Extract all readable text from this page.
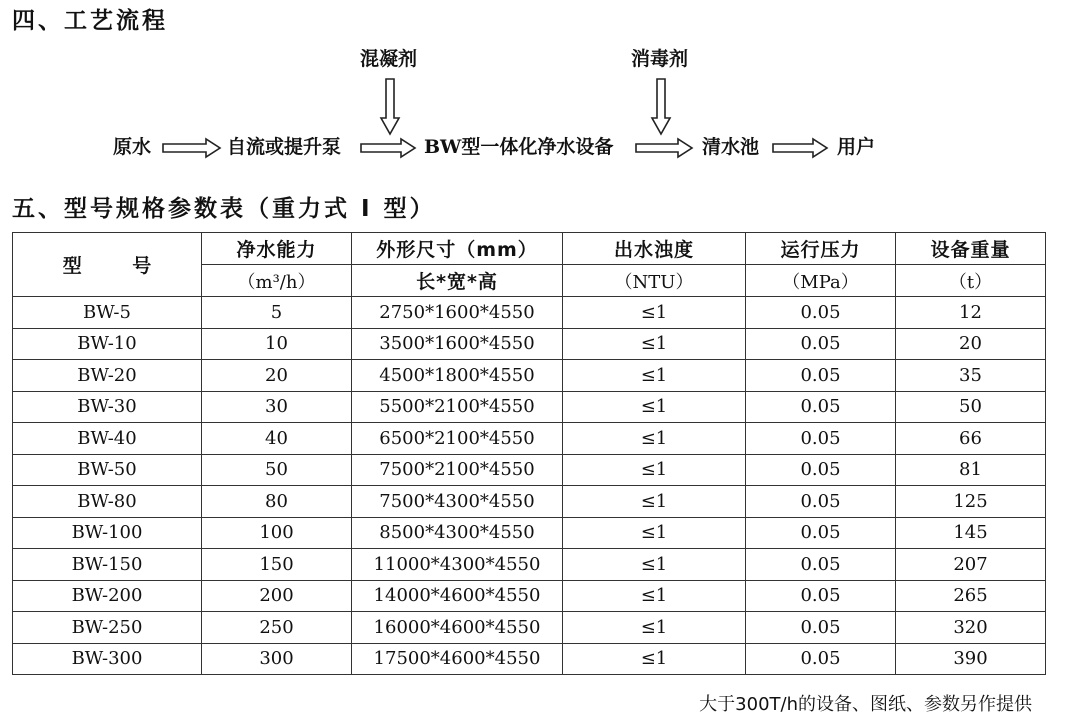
四、工艺流程
混凝剂	消毒剂
原水	自流或提升泵	BW型一体化净水设备	清水池	用户
五、型号规格参数表（重力式 I 型）
型 号	净水能力	外形尺寸（mm）	出水浊度	运行压力	设备重量
	（m³/h）	长*宽*高	（NTU）	（MPa）	（t）
BW-5	5	2750*1600*4550	≤1	0.05	12
BW-10	10	3500*1600*4550	≤1	0.05	20
BW-20	20	4500*1800*4550	≤1	0.05	35
BW-30	30	5500*2100*4550	≤1	0.05	50
BW-40	40	6500*2100*4550	≤1	0.05	66
BW-50	50	7500*2100*4550	≤1	0.05	81
BW-80	80	7500*4300*4550	≤1	0.05	125
BW-100	100	8500*4300*4550	≤1	0.05	145
BW-150	150	11000*4300*4550	≤1	0.05	207
BW-200	200	14000*4600*4550	≤1	0.05	265
BW-250	250	16000*4600*4550	≤1	0.05	320
BW-300	300	17500*4600*4550	≤1	0.05	390
大于300T/h的设备、图纸、参数另作提供
